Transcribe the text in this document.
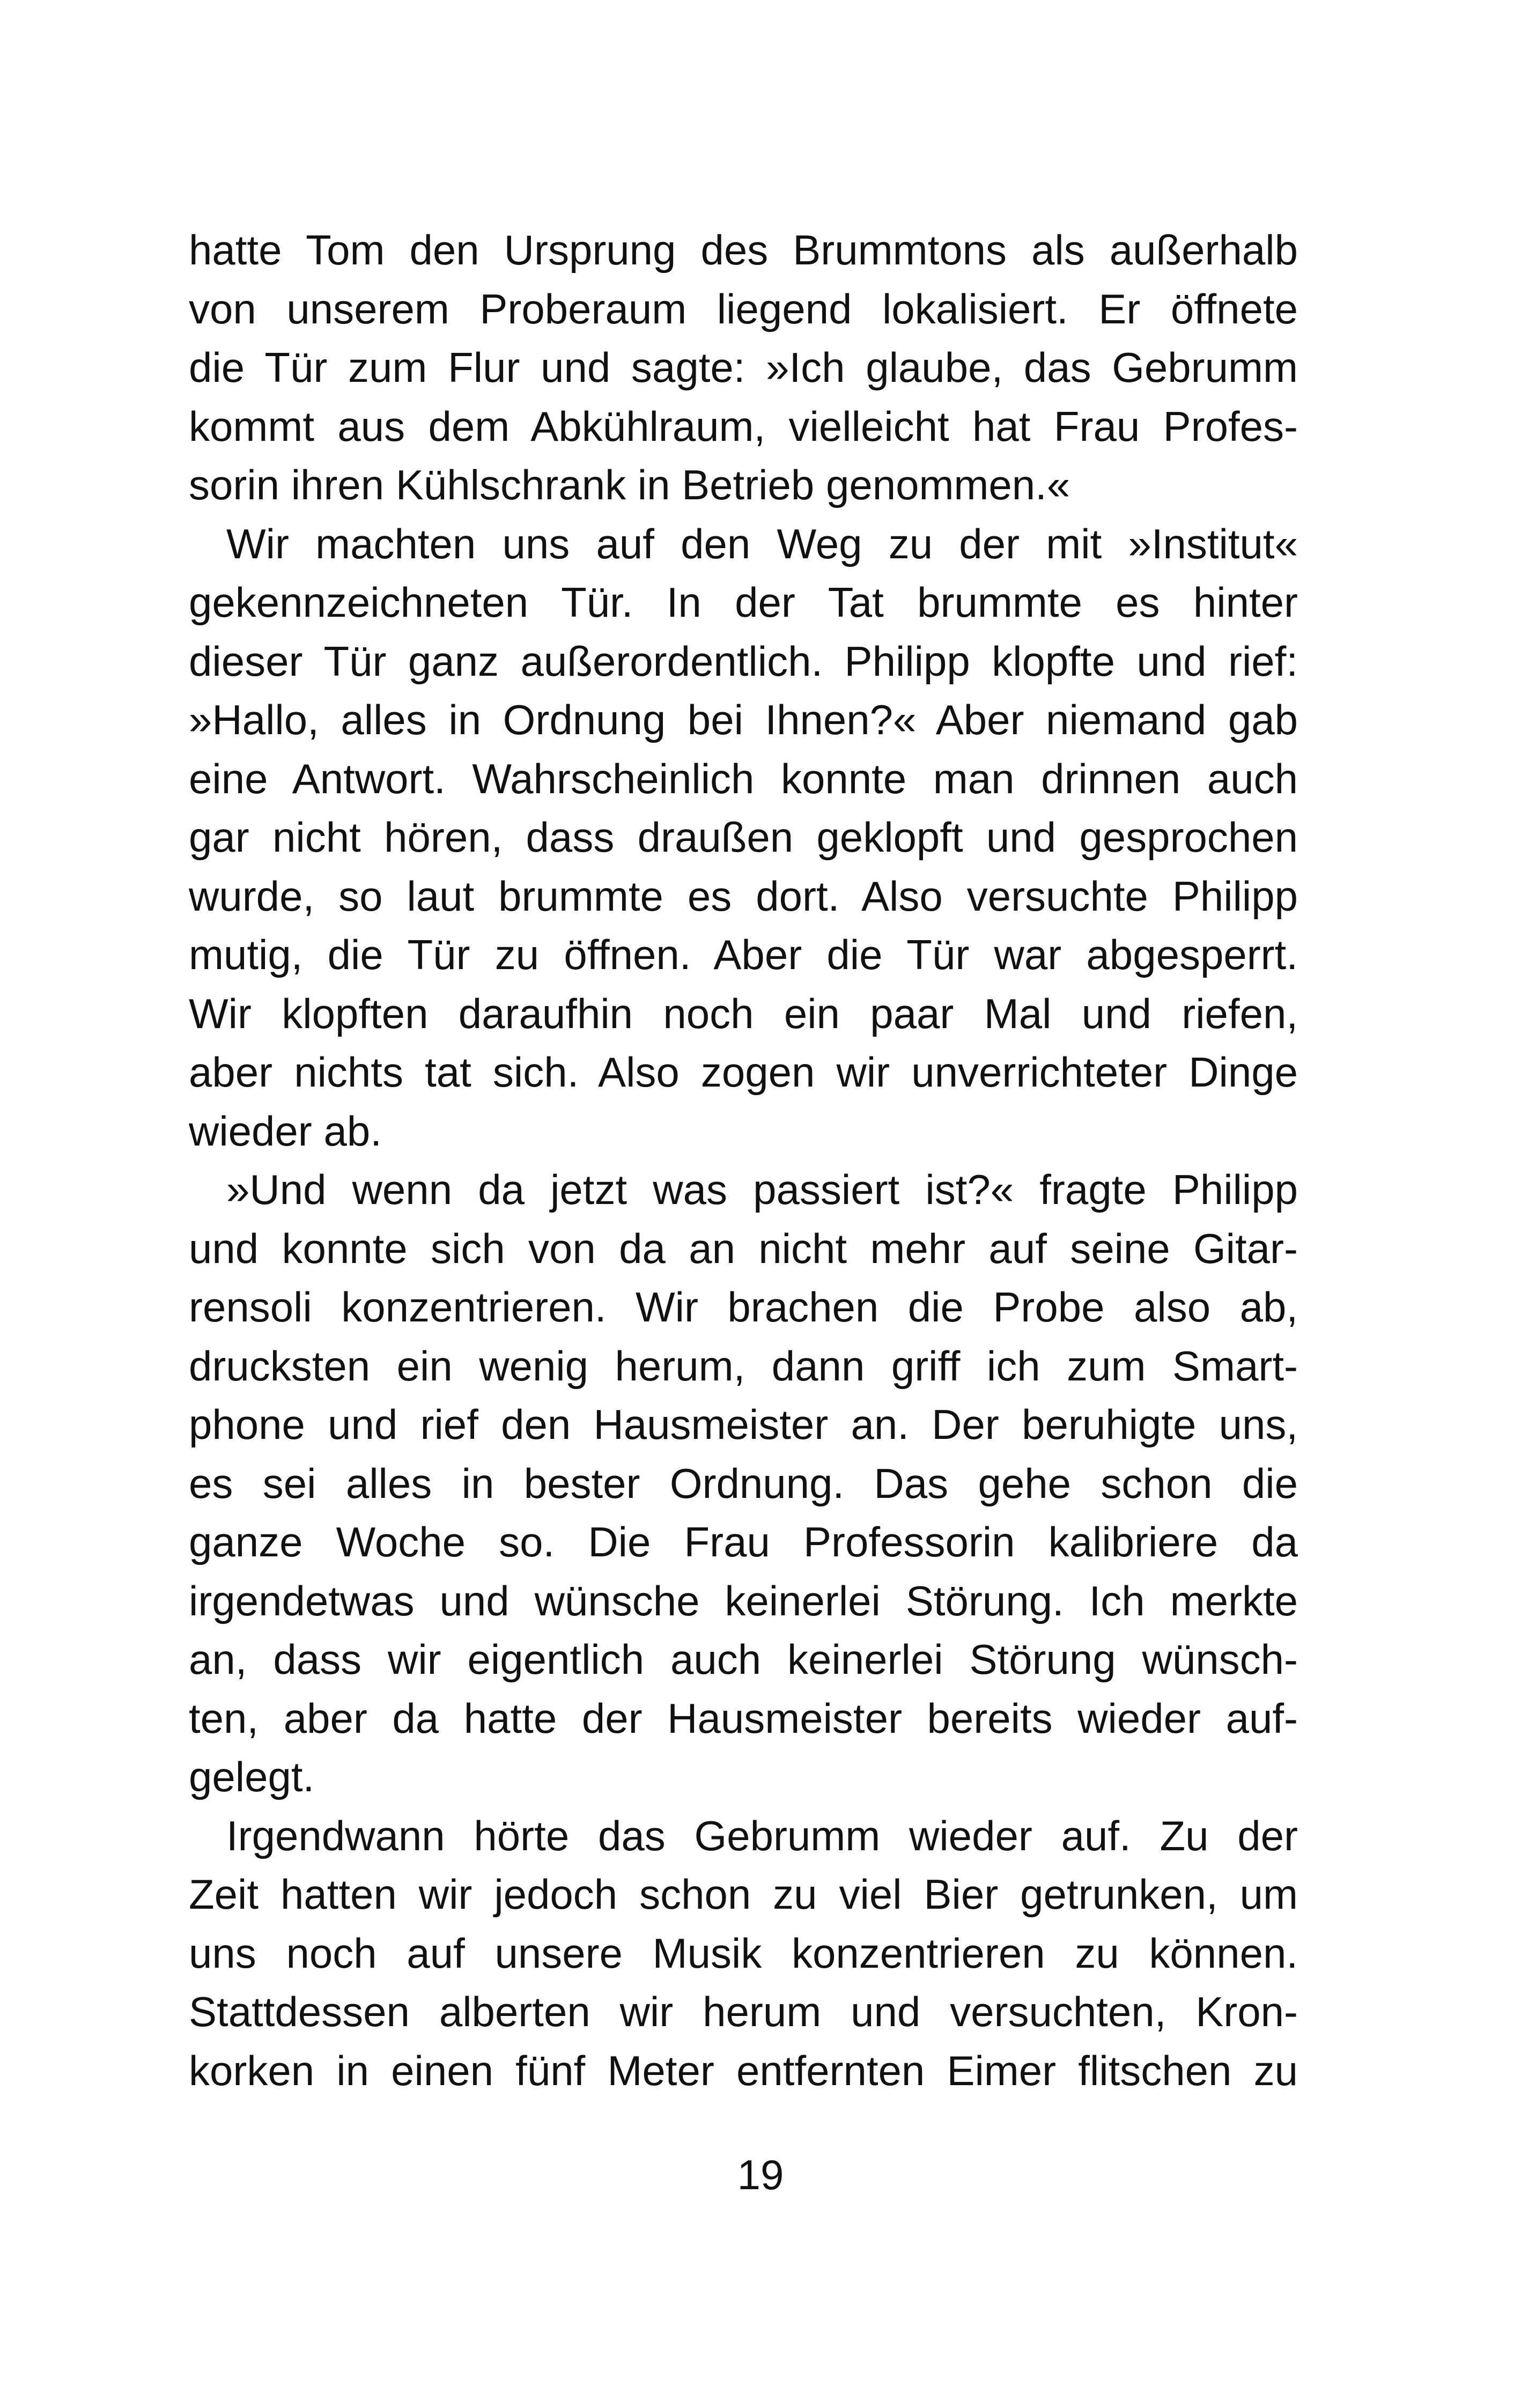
hatte Tom den Ursprung des Brummtons als außerhalb
von unserem Proberaum liegend lokalisiert. Er öffnete
die Tür zum Flur und sagte: »Ich glaube, das Gebrumm
kommt aus dem Abkühlraum, vielleicht hat Frau Profes-
sorin ihren Kühlschrank in Betrieb genommen.«
Wir machten uns auf den Weg zu der mit »Institut«
gekennzeichneten Tür. In der Tat brummte es hinter
dieser Tür ganz außerordentlich. Philipp klopfte und rief:
»Hallo, alles in Ordnung bei Ihnen?« Aber niemand gab
eine Antwort. Wahrscheinlich konnte man drinnen auch
gar nicht hören, dass draußen geklopft und gesprochen
wurde, so laut brummte es dort. Also versuchte Philipp
mutig, die Tür zu öffnen. Aber die Tür war abgesperrt.
Wir klopften daraufhin noch ein paar Mal und riefen,
aber nichts tat sich. Also zogen wir unverrichteter Dinge
wieder ab.
»Und wenn da jetzt was passiert ist?« fragte Philipp
und konnte sich von da an nicht mehr auf seine Gitar-
rensoli konzentrieren. Wir brachen die Probe also ab,
drucksten ein wenig herum, dann griff ich zum Smart-
phone und rief den Hausmeister an. Der beruhigte uns,
es sei alles in bester Ordnung. Das gehe schon die
ganze Woche so. Die Frau Professorin kalibriere da
irgendetwas und wünsche keinerlei Störung. Ich merkte
an, dass wir eigentlich auch keinerlei Störung wünsch-
ten, aber da hatte der Hausmeister bereits wieder auf-
gelegt.
Irgendwann hörte das Gebrumm wieder auf. Zu der
Zeit hatten wir jedoch schon zu viel Bier getrunken, um
uns noch auf unsere Musik konzentrieren zu können.
Stattdessen alberten wir herum und versuchten, Kron-
korken in einen fünf Meter entfernten Eimer flitschen zu
19
